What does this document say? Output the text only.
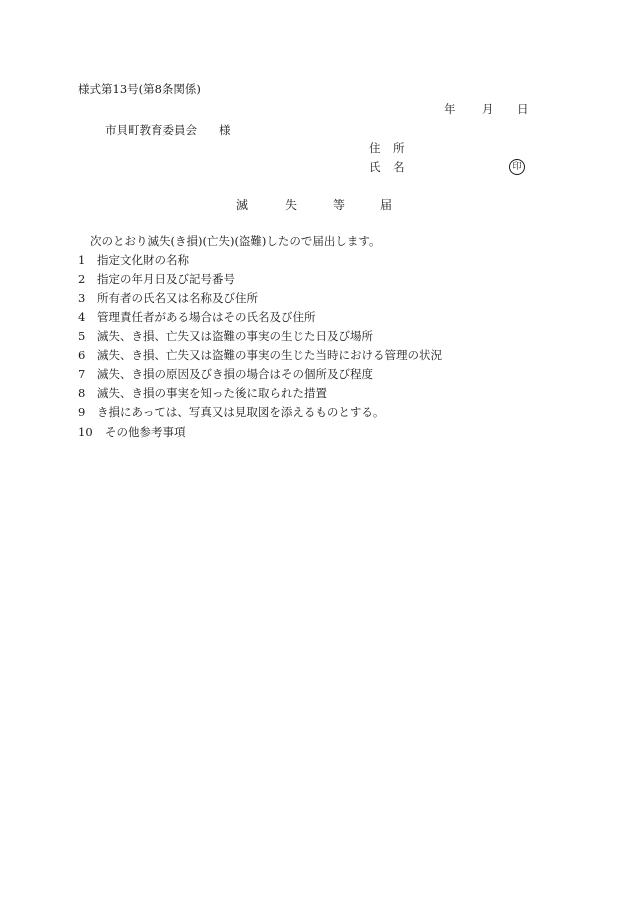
様式第13号(第8条関係)
年 月 日
市貝町教育委員会 様
住 所
氏 名	印
滅	失	等	届
次のとおり滅失(き損)(亡失)(盗難)したので届出します。
1 指定文化財の名称
2 指定の年月日及び記号番号
3 所有者の氏名又は名称及び住所
4 管理責任者がある場合はその氏名及び住所
5 滅失、き損、亡失又は盗難の事実の生じた日及び場所
6 滅失、き損、亡失又は盗難の事実の生じた当時における管理の状況
7 滅失、き損の原因及びき損の場合はその個所及び程度
8 滅失、き損の事実を知った後に取られた措置
9 き損にあっては、写真又は見取図を添えるものとする。
10 その他参考事項
